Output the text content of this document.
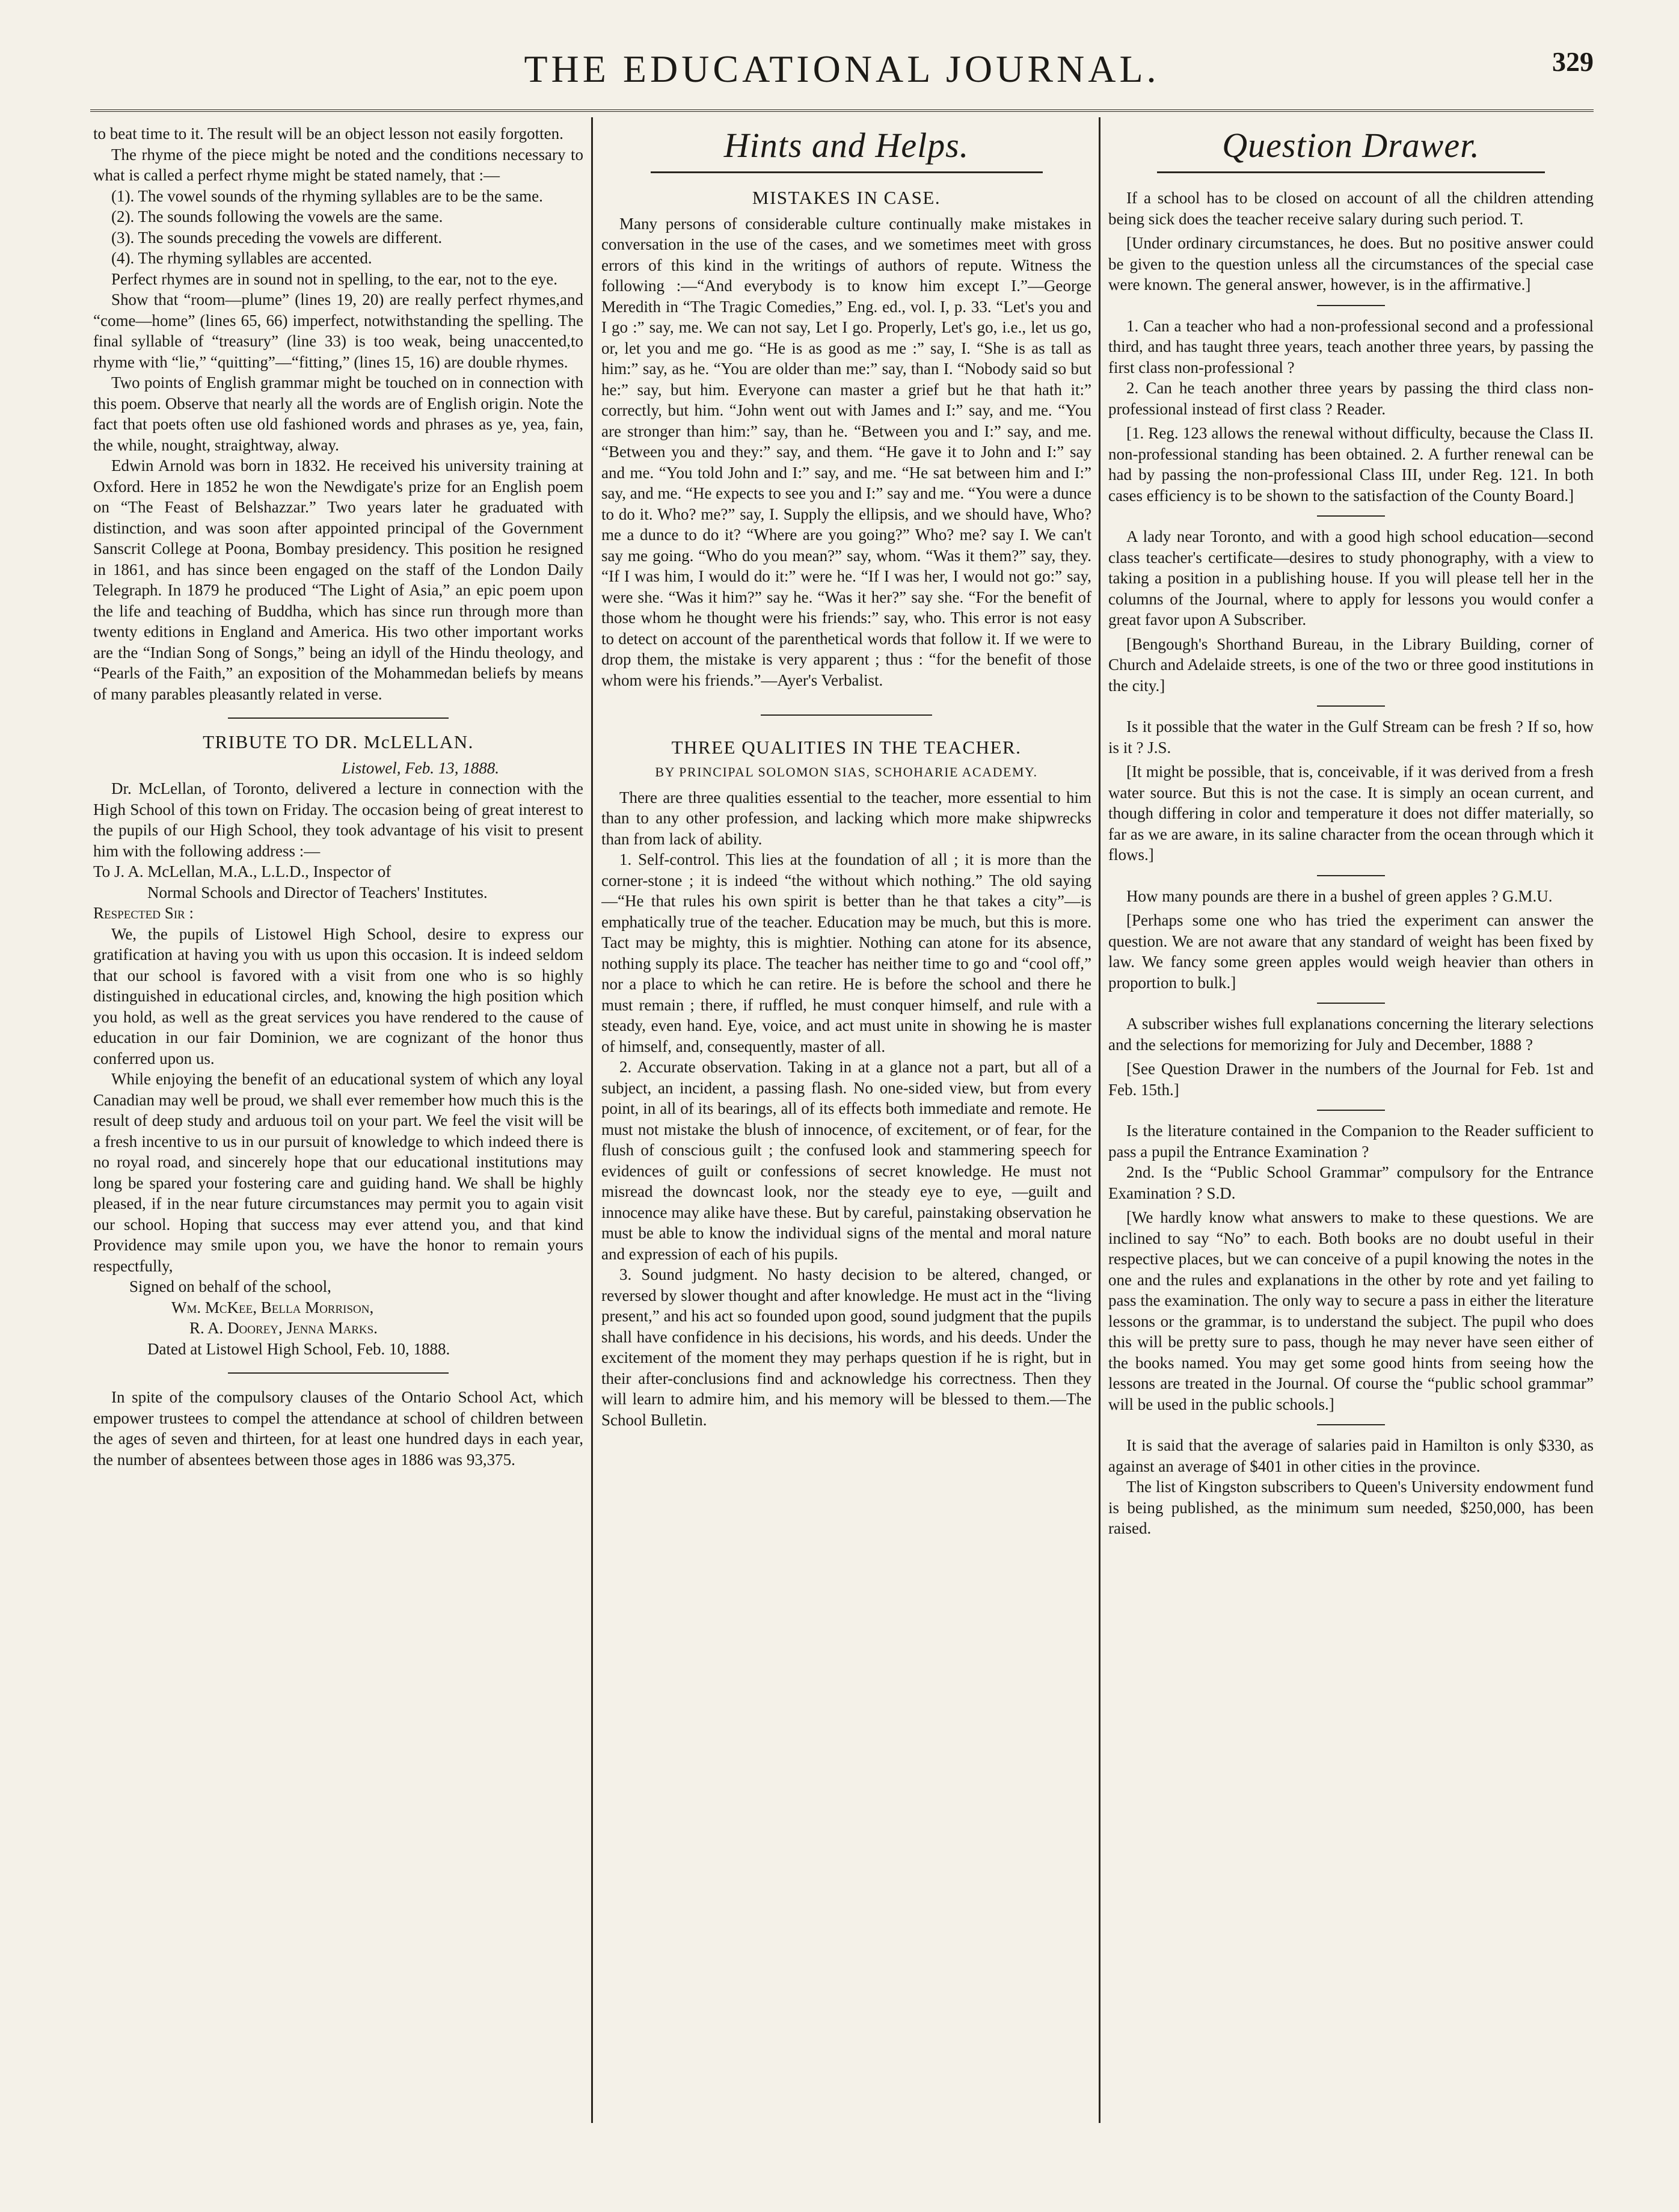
THE EDUCATIONAL JOURNAL.	329

to beat time to it. The result will be an object lesson not easily forgotten.

The rhyme of the piece might be noted and the conditions necessary to what is called a perfect rhyme might be stated namely, that :—

(1). The vowel sounds of the rhyming syllables are to be the same.

(2). The sounds following the vowels are the same.

(3). The sounds preceding the vowels are different.

(4). The rhyming syllables are accented.

Perfect rhymes are in sound not in spelling, to the ear, not to the eye.

Show that “room—plume” (lines 19, 20) are really perfect rhymes,and “come—home” (lines 65, 66) imperfect, notwithstanding the spelling. The final syllable of “treasury” (line 33) is too weak, being unaccented,to rhyme with “lie,” “quitting”—“fitting,” (lines 15, 16) are double rhymes.

Two points of English grammar might be touched on in connection with this poem. Observe that nearly all the words are of English origin. Note the fact that poets often use old fashioned words and phrases as ye, yea, fain, the while, nought, straightway, alway.

Edwin Arnold was born in 1832. He received his university training at Oxford. Here in 1852 he won the Newdigate's prize for an English poem on “The Feast of Belshazzar.” Two years later he graduated with distinction, and was soon after appointed principal of the Government Sanscrit College at Poona, Bombay presidency. This position he resigned in 1861, and has since been engaged on the staff of the London Daily Telegraph. In 1879 he produced “The Light of Asia,” an epic poem upon the life and teaching of Buddha, which has since run through more than twenty editions in England and America. His two other important works are the “Indian Song of Songs,” being an idyll of the Hindu theology, and “Pearls of the Faith,” an exposition of the Mohammedan beliefs by means of many parables pleasantly related in verse.

TRIBUTE TO DR. McLELLAN.

Listowel, Feb. 13, 1888.

Dr. McLellan, of Toronto, delivered a lecture in connection with the High School of this town on Friday. The occasion being of great interest to the pupils of our High School, they took advantage of his visit to present him with the following address :—

To J. A. McLellan, M.A., L.L.D., Inspector of

Normal Schools and Director of Teachers' Institutes.

Respected Sir :

We, the pupils of Listowel High School, desire to express our gratification at having you with us upon this occasion. It is indeed seldom that our school is favored with a visit from one who is so highly distinguished in educational circles, and, knowing the high position which you hold, as well as the great services you have rendered to the cause of education in our fair Dominion, we are cognizant of the honor thus conferred upon us.

While enjoying the benefit of an educational system of which any loyal Canadian may well be proud, we shall ever remember how much this is the result of deep study and arduous toil on your part. We feel the visit will be a fresh incentive to us in our pursuit of knowledge to which indeed there is no royal road, and sincerely hope that our educational institutions may long be spared your fostering care and guiding hand. We shall be highly pleased, if in the near future circumstances may permit you to again visit our school. Hoping that success may ever attend you, and that kind Providence may smile upon you, we have the honor to remain yours respectfully,

Signed on behalf of the school,

Wm. McKee, Bella Morrison,

R. A. Doorey, Jenna Marks.

Dated at Listowel High School, Feb. 10, 1888.

In spite of the compulsory clauses of the Ontario School Act, which empower trustees to compel the attendance at school of children between the ages of seven and thirteen, for at least one hundred days in each year, the number of absentees between those ages in 1886 was 93,375.

Hints and Helps.
MISTAKES IN CASE.

Many persons of considerable culture continually make mistakes in conversation in the use of the cases, and we sometimes meet with gross errors of this kind in the writings of authors of repute. Witness the following :—“And everybody is to know him except I.”—George Meredith in “The Tragic Comedies,” Eng. ed., vol. I, p. 33. “Let's you and I go :” say, me. We can not say, Let I go. Properly, Let's go, i.e., let us go, or, let you and me go. “He is as good as me :” say, I. “She is as tall as him:” say, as he. “You are older than me:” say, than I. “Nobody said so but he:” say, but him. Everyone can master a grief but he that hath it:” correctly, but him. “John went out with James and I:” say, and me. “You are stronger than him:” say, than he. “Between you and I:” say, and me. “Between you and they:” say, and them. “He gave it to John and I:” say and me. “You told John and I:” say, and me. “He sat between him and I:” say, and me. “He expects to see you and I:” say and me. “You were a dunce to do it. Who? me?” say, I. Supply the ellipsis, and we should have, Who? me a dunce to do it? “Where are you going?” Who? me? say I. We can't say me going. “Who do you mean?” say, whom. “Was it them?” say, they. “If I was him, I would do it:” were he. “If I was her, I would not go:” say, were she. “Was it him?” say he. “Was it her?” say she. “For the benefit of those whom he thought were his friends:” say, who. This error is not easy to detect on account of the parenthetical words that follow it. If we were to drop them, the mistake is very apparent ; thus : “for the benefit of those whom were his friends.”—Ayer's Verbalist.

THREE QUALITIES IN THE TEACHER.
BY PRINCIPAL SOLOMON SIAS, SCHOHARIE ACADEMY.

There are three qualities essential to the teacher, more essential to him than to any other profession, and lacking which more make shipwrecks than from lack of ability.

1. Self-control. This lies at the foundation of all ; it is more than the corner-stone ; it is indeed “the without which nothing.” The old saying—“He that rules his own spirit is better than he that takes a city”—is emphatically true of the teacher. Education may be much, but this is more. Tact may be mighty, this is mightier. Nothing can atone for its absence, nothing supply its place. The teacher has neither time to go and “cool off,” nor a place to which he can retire. He is before the school and there he must remain ; there, if ruffled, he must conquer himself, and rule with a steady, even hand. Eye, voice, and act must unite in showing he is master of himself, and, consequently, master of all.

2. Accurate observation. Taking in at a glance not a part, but all of a subject, an incident, a passing flash. No one-sided view, but from every point, in all of its bearings, all of its effects both immediate and remote. He must not mistake the blush of innocence, of excitement, or of fear, for the flush of conscious guilt ; the confused look and stammering speech for evidences of guilt or confessions of secret knowledge. He must not misread the downcast look, nor the steady eye to eye, —guilt and innocence may alike have these. But by careful, painstaking observation he must be able to know the individual signs of the mental and moral nature and expression of each of his pupils.

3. Sound judgment. No hasty decision to be altered, changed, or reversed by slower thought and after knowledge. He must act in the “living present,” and his act so founded upon good, sound judgment that the pupils shall have confidence in his decisions, his words, and his deeds. Under the excitement of the moment they may perhaps question if he is right, but in their after-conclusions find and acknowledge his correctness. Then they will learn to admire him, and his memory will be blessed to them.—The School Bulletin.

Question Drawer.

If a school has to be closed on account of all the children attending being sick does the teacher receive salary during such period. T.

[Under ordinary circumstances, he does. But no positive answer could be given to the question unless all the circumstances of the special case were known. The general answer, however, is in the affirmative.]

1. Can a teacher who had a non-professional second and a professional third, and has taught three years, teach another three years, by passing the first class non-professional ?

2. Can he teach another three years by passing the third class non-professional instead of first class ? Reader.

[1. Reg. 123 allows the renewal without difficulty, because the Class II. non-professional standing has been obtained. 2. A further renewal can be had by passing the non-professional Class III, under Reg. 121. In both cases efficiency is to be shown to the satisfaction of the County Board.]

A lady near Toronto, and with a good high school education—second class teacher's certificate—desires to study phonography, with a view to taking a position in a publishing house. If you will please tell her in the columns of the Journal, where to apply for lessons you would confer a great favor upon A Subscriber.

[Bengough's Shorthand Bureau, in the Library Building, corner of Church and Adelaide streets, is one of the two or three good institutions in the city.]

Is it possible that the water in the Gulf Stream can be fresh ? If so, how is it ? J.S.

[It might be possible, that is, conceivable, if it was derived from a fresh water source. But this is not the case. It is simply an ocean current, and though differing in color and temperature it does not differ materially, so far as we are aware, in its saline character from the ocean through which it flows.]

How many pounds are there in a bushel of green apples ? G.M.U.

[Perhaps some one who has tried the experiment can answer the question. We are not aware that any standard of weight has been fixed by law. We fancy some green apples would weigh heavier than others in proportion to bulk.]

A subscriber wishes full explanations concerning the literary selections and the selections for memorizing for July and December, 1888 ?

[See Question Drawer in the numbers of the Journal for Feb. 1st and Feb. 15th.]

Is the literature contained in the Companion to the Reader sufficient to pass a pupil the Entrance Examination ?

2nd. Is the “Public School Grammar” compulsory for the Entrance Examination ? S.D.

[We hardly know what answers to make to these questions. We are inclined to say “No” to each. Both books are no doubt useful in their respective places, but we can conceive of a pupil knowing the notes in the one and the rules and explanations in the other by rote and yet failing to pass the examination. The only way to secure a pass in either the literature lessons or the grammar, is to understand the subject. The pupil who does this will be pretty sure to pass, though he may never have seen either of the books named. You may get some good hints from seeing how the lessons are treated in the Journal. Of course the “public school grammar” will be used in the public schools.]

It is said that the average of salaries paid in Hamilton is only $330, as against an average of $401 in other cities in the province.

The list of Kingston subscribers to Queen's University endowment fund is being published, as the minimum sum needed, $250,000, has been raised.
